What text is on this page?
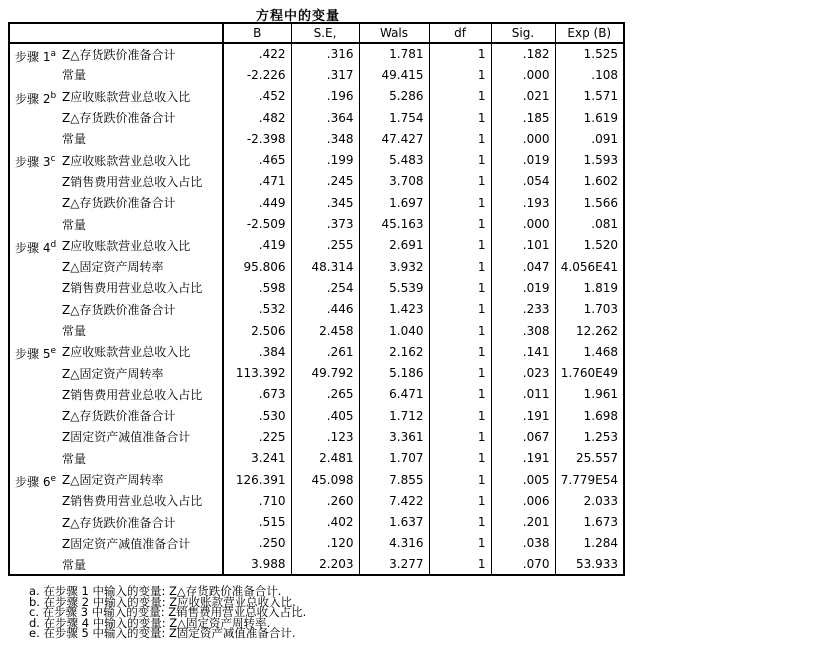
方程中的变量
		B	S.E,	Wals	df	Sig.	Exp (B)
步骤 1$^a$	Z△存货跌价准备合计	.422	.316	1.781	1	.182	1.525
	常量	-2.226	.317	49.415	1	.000	.108
步骤 2$^b$	Z应收账款营业总收入比	.452	.196	5.286	1	.021	1.571
	Z△存货跌价准备合计	.482	.364	1.754	1	.185	1.619
	常量	-2.398	.348	47.427	1	.000	.091
步骤 3$^c$	Z应收账款营业总收入比	.465	.199	5.483	1	.019	1.593
	Z销售费用营业总收入占比	.471	.245	3.708	1	.054	1.602
	Z△存货跌价准备合计	.449	.345	1.697	1	.193	1.566
	常量	-2.509	.373	45.163	1	.000	.081
步骤 4$^d$	Z应收账款营业总收入比	.419	.255	2.691	1	.101	1.520
	Z△固定资产周转率	95.806	48.314	3.932	1	.047	4.056E41
	Z销售费用营业总收入占比	.598	.254	5.539	1	.019	1.819
	Z△存货跌价准备合计	.532	.446	1.423	1	.233	1.703
	常量	2.506	2.458	1.040	1	.308	12.262
步骤 5e	Z应收账款营业总收入比	.384	.261	2.162	1	.141	1.468
	Z△固定资产周转率	113.392	49.792	5.186	1	.023	1.760E49
	Z销售费用营业总收入占比	.673	.265	6.471	1	.011	1.961
	Z△存货跌价准备合计	.530	.405	1.712	1	.191	1.698
	Z固定资产减值准备合计	.225	.123	3.361	1	.067	1.253
	常量	3.241	2.481	1.707	1	.191	25.557
步骤 6e	Z△固定资产周转率	126.391	45.098	7.855	1	.005	7.779E54
	Z销售费用营业总收入占比	.710	.260	7.422	1	.006	2.033
	Z△存货跌价准备合计	.515	.402	1.637	1	.201	1.673
	Z固定资产减值准备合计	.250	.120	4.316	1	.038	1.284
	常量	3.988	2.203	3.277	1	.070	53.933
a. 在步骤 1 中输入的变量: Z△存货跌价准备合计.
b. 在步骤 2 中输入的变量: Z应收账款营业总收入比.
c. 在步骤 3 中输入的变量: Z销售费用营业总收入占比.
d. 在步骤 4 中输入的变量: Z△固定资产周转率.
e. 在步骤 5 中输入的变量: Z固定资产减值准备合计.
